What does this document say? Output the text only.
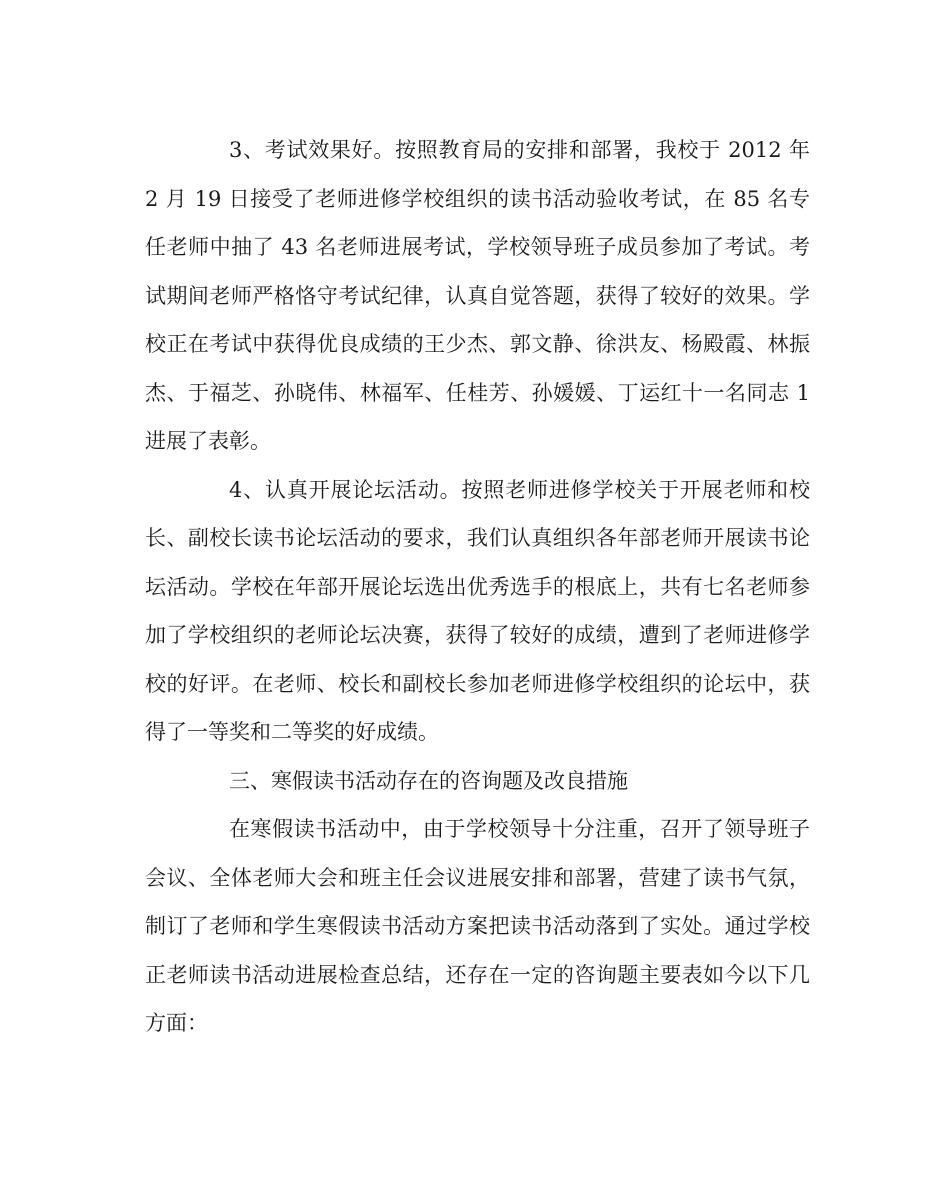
3、考试效果好。按照教育局的安排和部署，我校于 2012 年 2 月 19 日接受了老师进修学校组织的读书活动验收考试，在 85 名专任老师中抽了 43 名老师进展考试，学校领导班子成员参加了考试。考试期间老师严格恪守考试纪律，认真自觉答题，获得了较好的效果。学校正在考试中获得优良成绩的王少杰、郭文静、徐洪友、杨殿霞、林振杰、于福芝、孙晓伟、林福军、任桂芳、孙媛媛、丁运红十一名同志 1 进展了表彰。

4、认真开展论坛活动。按照老师进修学校关于开展老师和校长、副校长读书论坛活动的要求，我们认真组织各年部老师开展读书论坛活动。学校在年部开展论坛选出优秀选手的根底上，共有七名老师参加了学校组织的老师论坛决赛，获得了较好的成绩，遭到了老师进修学校的好评。在老师、校长和副校长参加老师进修学校组织的论坛中，获得了一等奖和二等奖的好成绩。

三、寒假读书活动存在的咨询题及改良措施

在寒假读书活动中，由于学校领导十分注重，召开了领导班子会议、全体老师大会和班主任会议进展安排和部署，营建了读书气氛，制订了老师和学生寒假读书活动方案把读书活动落到了实处。通过学校正老师读书活动进展检查总结，还存在一定的咨询题主要表如今以下几方面：
